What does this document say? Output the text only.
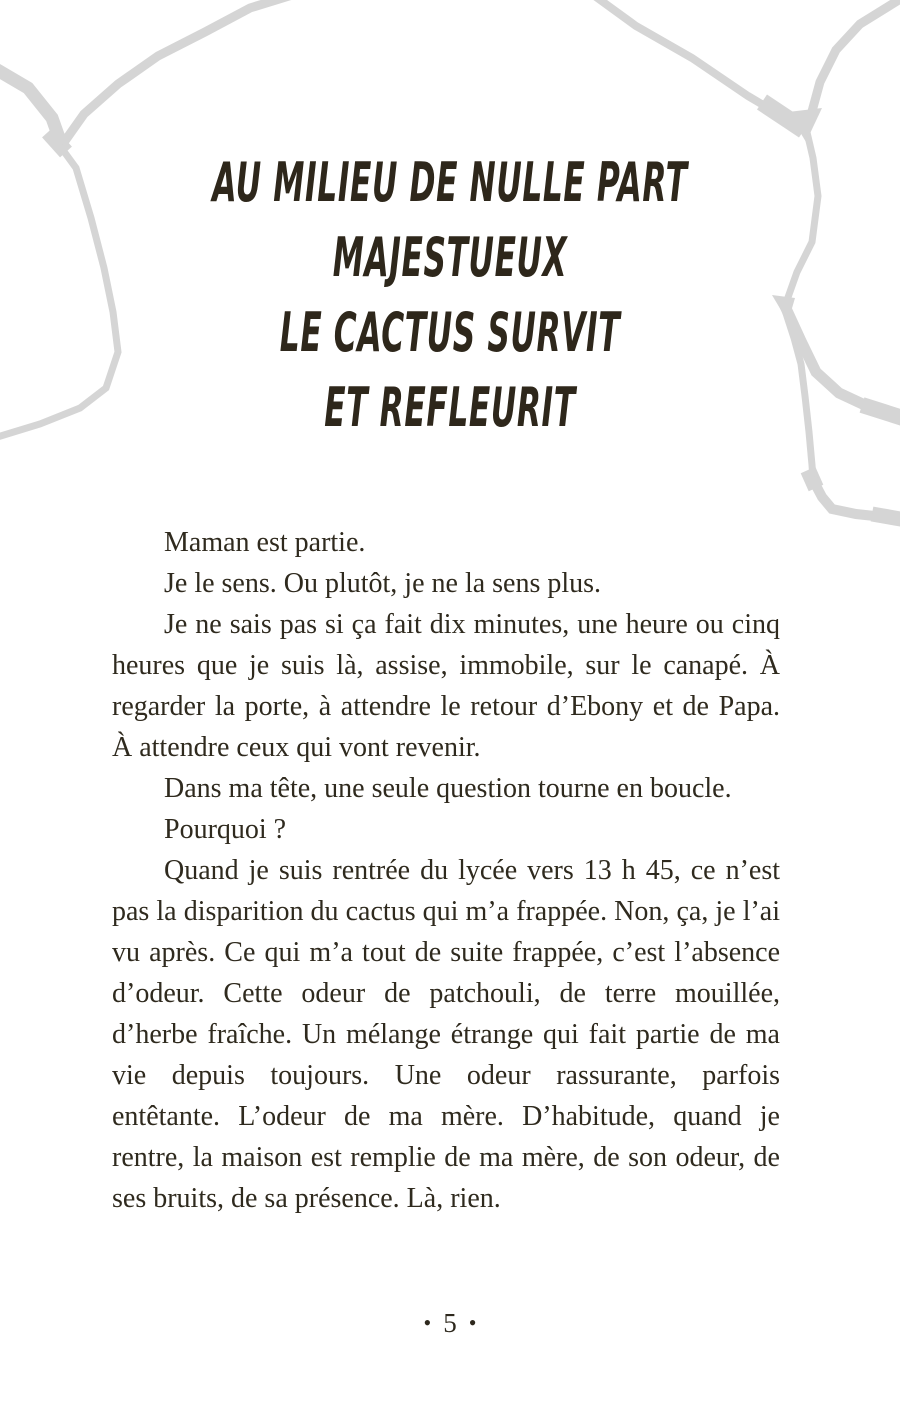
AU MILIEU DE NULLE PART
MAJESTUEUX
LE CACTUS SURVIT
ET REFLEURIT

Maman est partie.

Je le sens. Ou plutôt, je ne la sens plus.

Je ne sais pas si ça fait dix minutes, une heure ou cinq heures que je suis là, assise, immobile, sur le canapé. À regarder la porte, à attendre le retour d’Ebony et de Papa. À attendre ceux qui vont revenir.

Dans ma tête, une seule question tourne en boucle.

Pourquoi ?

Quand je suis rentrée du lycée vers 13 h 45, ce n’est pas la disparition du cactus qui m’a frappée. Non, ça, je l’ai vu après. Ce qui m’a tout de suite frappée, c’est l’absence d’odeur. Cette odeur de patchouli, de terre mouillée, d’herbe fraîche. Un mélange étrange qui fait partie de ma vie depuis toujours. Une odeur rassurante, parfois entêtante. L’odeur de ma mère. D’habitude, quand je rentre, la maison est remplie de ma mère, de son odeur, de ses bruits, de sa présence. Là, rien.

• 5 •
